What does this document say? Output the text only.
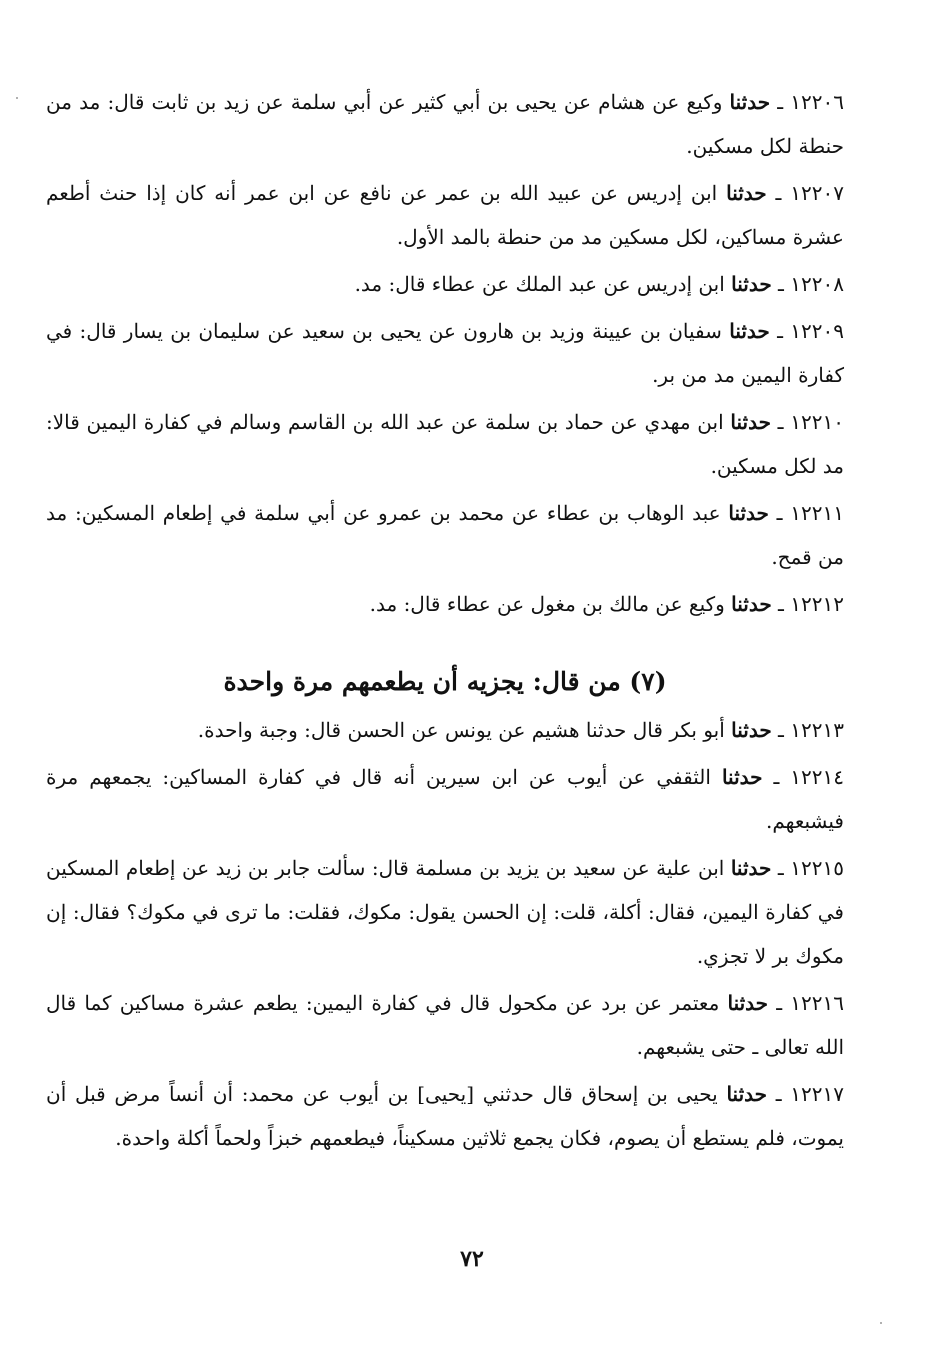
١٢٢٠٦ ـ حدثنا وكيع عن هشام عن يحيى بن أبي كثير عن أبي سلمة عن زيد بن ثابت قال: مد من حنطة لكل مسكين.

١٢٢٠٧ ـ حدثنا ابن إدريس عن عبيد الله بن عمر عن نافع عن ابن عمر أنه كان إذا حنث أطعم عشرة مساكين، لكل مسكين مد من حنطة بالمد الأول.

١٢٢٠٨ ـ حدثنا ابن إدريس عن عبد الملك عن عطاء قال: مد.

١٢٢٠٩ ـ حدثنا سفيان بن عيينة وزيد بن هارون عن يحيى بن سعيد عن سليمان بن يسار قال: في كفارة اليمين مد من بر.

١٢٢١٠ ـ حدثنا ابن مهدي عن حماد بن سلمة عن عبد الله بن القاسم وسالم في كفارة اليمين قالا: مد لكل مسكين.

١٢٢١١ ـ حدثنا عبد الوهاب بن عطاء عن محمد بن عمرو عن أبي سلمة في إطعام المسكين: مد من قمح.

١٢٢١٢ ـ حدثنا وكيع عن مالك بن مغول عن عطاء قال: مد.

(٧) من قال: يجزيه أن يطعمهم مرة واحدة

١٢٢١٣ ـ حدثنا أبو بكر قال حدثنا هشيم عن يونس عن الحسن قال: وجبة واحدة.

١٢٢١٤ ـ حدثنا الثقفي عن أيوب عن ابن سيرين أنه قال في كفارة المساكين: يجمعهم مرة فيشبعهم.

١٢٢١٥ ـ حدثنا ابن علية عن سعيد بن يزيد بن مسلمة قال: سألت جابر بن زيد عن إطعام المسكين في كفارة اليمين، فقال: أكلة، قلت: إن الحسن يقول: مكوك، فقلت: ما ترى في مكوك؟ فقال: إن مكوك بر لا تجزي.

١٢٢١٦ ـ حدثنا معتمر عن برد عن مكحول قال في كفارة اليمين: يطعم عشرة مساكين كما قال الله تعالى ـ حتى يشبعهم.

١٢٢١٧ ـ حدثنا يحيى بن إسحاق قال حدثني [يحيى] بن أيوب عن محمد: أن أنساً مرض قبل أن يموت، فلم يستطع أن يصوم، فكان يجمع ثلاثين مسكيناً، فيطعمهم خبزاً ولحماً أكلة واحدة.

٧٢
